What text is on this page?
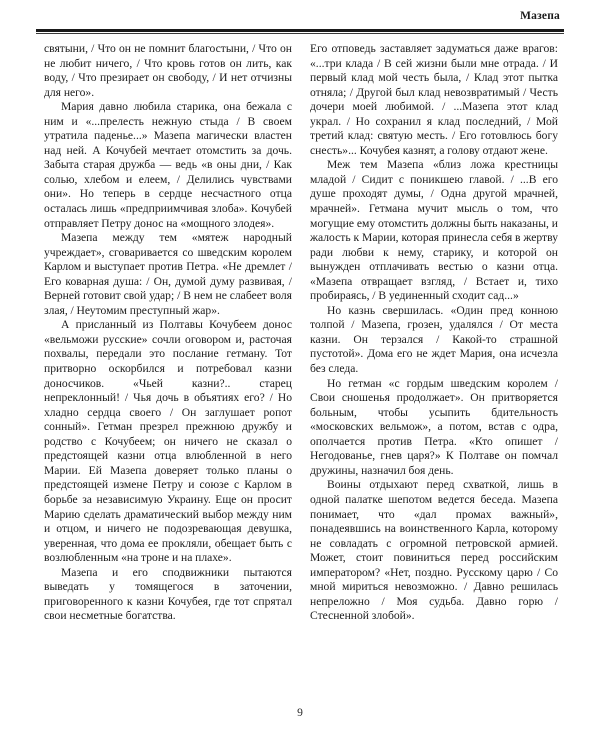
Мазепа

святыни, / Что он не помнит благостыни, / Что он не любит ничего, / Что кровь готов он лить, как воду, / Что презирает он свободу, / И нет отчизны для него».

Мария давно любила старика, она бежала с ним и «...прелесть нежную стыда / В своем утратила паденье...» Мазепа магически властен над ней. А Кочубей мечтает отомстить за дочь. Забыта старая дружба — ведь «в оны дни, / Как солью, хлебом и елеем, / Делились чувствами они». Но теперь в сердце несчастного отца осталась лишь «предприимчивая злоба». Кочубей отправляет Петру донос на «мощного злодея».

Мазепа между тем «мятеж народный учреждает», сговаривается со шведским королем Карлом и выступает против Петра. «Не дремлет / Его коварная душа: / Он, думой думу развивая, / Верней готовит свой удар; / В нем не слабеет воля злая, / Неутомим преступный жар».

А присланный из Полтавы Кочубеем донос «вельможи русские» сочли оговором и, расточая похвалы, передали это послание гетману. Тот притворно оскорбился и потребовал казни доносчиков. «Чьей казни?.. старец непреклонный! / Чья дочь в объятиях его? / Но хладно сердца своего / Он заглушает ропот сонный». Гетман презрел прежнюю дружбу и родство с Кочубеем; он ничего не сказал о предстоящей казни отца влюбленной в него Марии. Ей Мазепа доверяет только планы о предстоящей измене Петру и союзе с Карлом в борьбе за независимую Украину. Еще он просит Марию сделать драматический выбор между ним и отцом, и ничего не подозревающая девушка, уверенная, что дома ее прокляли, обещает быть с возлюбленным «на троне и на плахе».

Мазепа и его сподвижники пытаются выведать у томящегося в заточении, приговоренного к казни Кочубея, где тот спрятал свои несметные богатства.

Его отповедь заставляет задуматься даже врагов: «...три клада / В сей жизни были мне отрада. / И первый клад мой честь была, / Клад этот пытка отняла; / Другой был клад невозвратимый / Честь дочери моей любимой. / ...Мазепа этот клад украл. / Но сохранил я клад последний, / Мой третий клад: святую месть. / Его готовлюсь богу снесть»... Кочубея казнят, а голову отдают жене.

Меж тем Мазепа «близ ложа крестницы младой / Сидит с поникшею главой. / ...В его душе проходят думы, / Одна другой мрачней, мрачней». Гетмана мучит мысль о том, что могущие ему отомстить должны быть наказаны, и жалость к Марии, которая принесла себя в жертву ради любви к нему, старику, и которой он вынужден отплачивать вестью о казни отца. «Мазепа отвращает взгляд, / Встает и, тихо пробираясь, / В уединенный сходит сад...»

Но казнь свершилась. «Один пред конною толпой / Мазепа, грозен, удалялся / От места казни. Он терзался / Какой-то страшной пустотой». Дома его не ждет Мария, она исчезла без следа.

Но гетман «с гордым шведским королем / Свои сношенья продолжает». Он притворяется больным, чтобы усыпить бдительность «московских вельмож», а потом, встав с одра, ополчается против Петра. «Кто опишет / Негодованье, гнев царя?» К Полтаве он помчал дружины, назначил боя день.

Воины отдыхают перед схваткой, лишь в одной палатке шепотом ведется беседа. Мазепа понимает, что «дал промах важный», понадеявшись на воинственного Карла, которому не совладать с огромной петровской армией. Может, стоит повиниться перед российским императором? «Нет, поздно. Русскому царю / Со мной мириться невозможно. / Давно решилась непреложно / Моя судьба. Давно горю / Стесненной злобой».

9
